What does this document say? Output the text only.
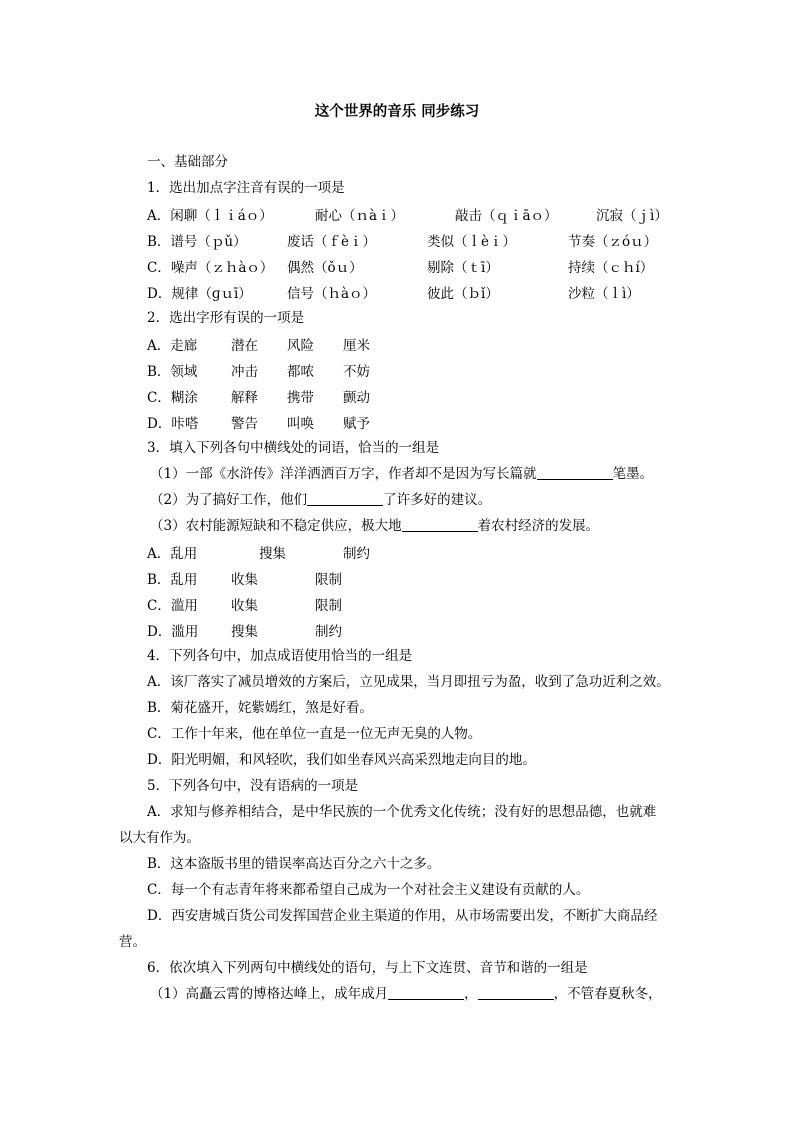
这个世界的音乐 同步练习
一、基础部分
1．选出加点字注音有误的一项是
A．闲聊（ｌｉáｏ）	耐心（ｎàｉ）	敲击（ｑｉāｏ）	沉寂（ｊì）
B．谱号（ｐǔ）	废话（ｆèｉ）	类似（ｌèｉ）	节奏（ｚóｕ）
C．噪声（ｚｈàｏ） 偶然（ǒｕ）	剔除（ｔī）	持续（ｃｈí）
D．规律（ɡｕī）	信号（ｈàｏ）	彼此（ｂǐ）	沙粒（ｌì）
2．选出字形有误的一项是
A．走廊	潜在 风险 厘米
B．领域 冲击 都哝 不妨
C．糊涂 解释 携带 颤动
D．咔嗒 警告 叫唤 赋予
3．填入下列各句中横线处的词语，恰当的一组是
（1）一部《水浒传》洋洋洒洒百万字，作者却不是因为写长篇就	笔墨。
（2）为了搞好工作，他们	了许多好的建议。
（3）农村能源短缺和不稳定供应，极大地	着农村经济的发展。
A．乱用	搜集	制约
B．乱用 收集	限制
C．滥用 收集	限制
D．滥用 搜集	制约
4．下列各句中，加点成语使用恰当的一组是
A．该厂落实了减员增效的方案后，立见成果，当月即扭亏为盈，收到了急功近利之效。
B．菊花盛开，姹紫嫣红，煞是好看。
C．工作十年来，他在单位一直是一位无声无臭的人物。
D．阳光明媚，和风轻吹，我们如坐春风兴高采烈地走向目的地。
5．下列各句中，没有语病的一项是
A．求知与修养相结合，是中华民族的一个优秀文化传统；没有好的思想品德，也就难
以大有作为。
B．这本盗版书里的错误率高达百分之六十之多。
C．每一个有志青年将来都希望自己成为一个对社会主义建设有贡献的人。
D．西安唐城百货公司发挥国营企业主渠道的作用，从市场需要出发，不断扩大商品经
营。
6．依次填入下列两句中横线处的语句，与上下文连贯、音节和谐的一组是
（1）高矗云霄的博格达峰上，成年成月	，	，不管春夏秋冬，
